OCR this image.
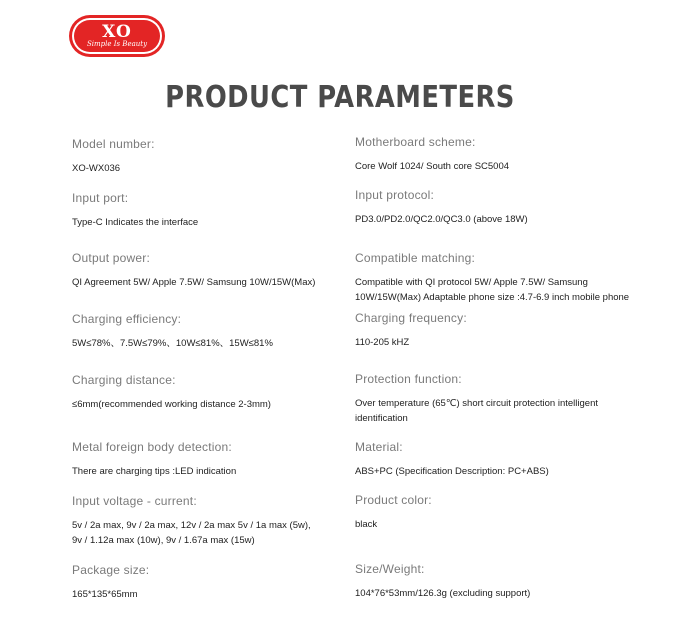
XO
Simple Is Beauty
PRODUCT PARAMETERS
Model number:
XO-WX036
Input port:
Type-C Indicates the interface
Output power:
QI Agreement 5W/ Apple 7.5W/ Samsung 10W/15W(Max)
Charging efficiency:
5W≤78%、7.5W≤79%、10W≤81%、15W≤81%
Charging distance:
≤6mm(recommended working distance 2-3mm)
Metal foreign body detection:
There are charging tips :LED indication
Input voltage - current:
5v / 2a max, 9v / 2a max, 12v / 2a max 5v / 1a max (5w),
9v / 1.12a max (10w), 9v / 1.67a max (15w)
Package size:
165*135*65mm
Motherboard scheme:
Core Wolf 1024/ South core SC5004
Input protocol:
PD3.0/PD2.0/QC2.0/QC3.0 (above 18W)
Compatible matching:
Compatible with QI protocol 5W/ Apple 7.5W/ Samsung
10W/15W(Max) Adaptable phone size :4.7-6.9 inch mobile phone
Charging frequency:
110-205 kHZ
Protection function:
Over temperature (65℃) short circuit protection intelligent
identification
Material:
ABS+PC (Specification Description: PC+ABS)
Product color:
black
Size/Weight:
104*76*53mm/126.3g (excluding support)
